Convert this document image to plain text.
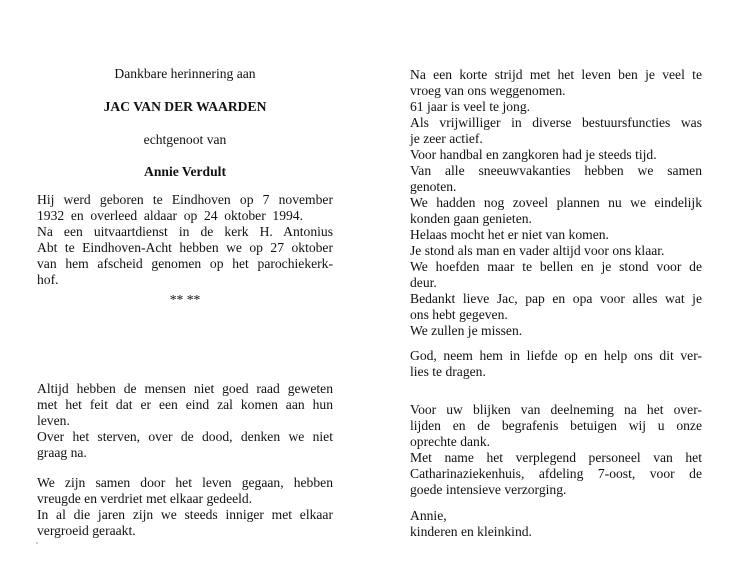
Dankbare herinnering aan
JAC VAN DER WAARDEN
echtgenoot van
Annie Verdult
Hij werd geboren te Eindhoven op 7 november
1932 en overleed aldaar op 24 oktober 1994.
Na een uitvaartdienst in de kerk H. Antonius
Abt te Eindhoven-Acht hebben we op 27 oktober
van hem afscheid genomen op het parochiekerk-
hof.
** **
Altijd hebben de mensen niet goed raad geweten
met het feit dat er een eind zal komen aan hun
leven.
Over het sterven, over de dood, denken we niet
graag na.
We zijn samen door het leven gegaan, hebben
vreugde en verdriet met elkaar gedeeld.
In al die jaren zijn we steeds inniger met elkaar
vergroeid geraakt.
Na een korte strijd met het leven ben je veel te
vroeg van ons weggenomen.
61 jaar is veel te jong.
Als vrijwilliger in diverse bestuursfuncties was
je zeer actief.
Voor handbal en zangkoren had je steeds tijd.
Van alle sneeuwvakanties hebben we samen
genoten.
We hadden nog zoveel plannen nu we eindelijk
konden gaan genieten.
Helaas mocht het er niet van komen.
Je stond als man en vader altijd voor ons klaar.
We hoefden maar te bellen en je stond voor de
deur.
Bedankt lieve Jac, pap en opa voor alles wat je
ons hebt gegeven.
We zullen je missen.
God, neem hem in liefde op en help ons dit ver-
lies te dragen.
Voor uw blijken van deelneming na het over-
lijden en de begrafenis betuigen wij u onze
oprechte dank.
Met name het verplegend personeel van het
Catharinaziekenhuis, afdeling 7-oost, voor de
goede intensieve verzorging.
Annie,
kinderen en kleinkind.
